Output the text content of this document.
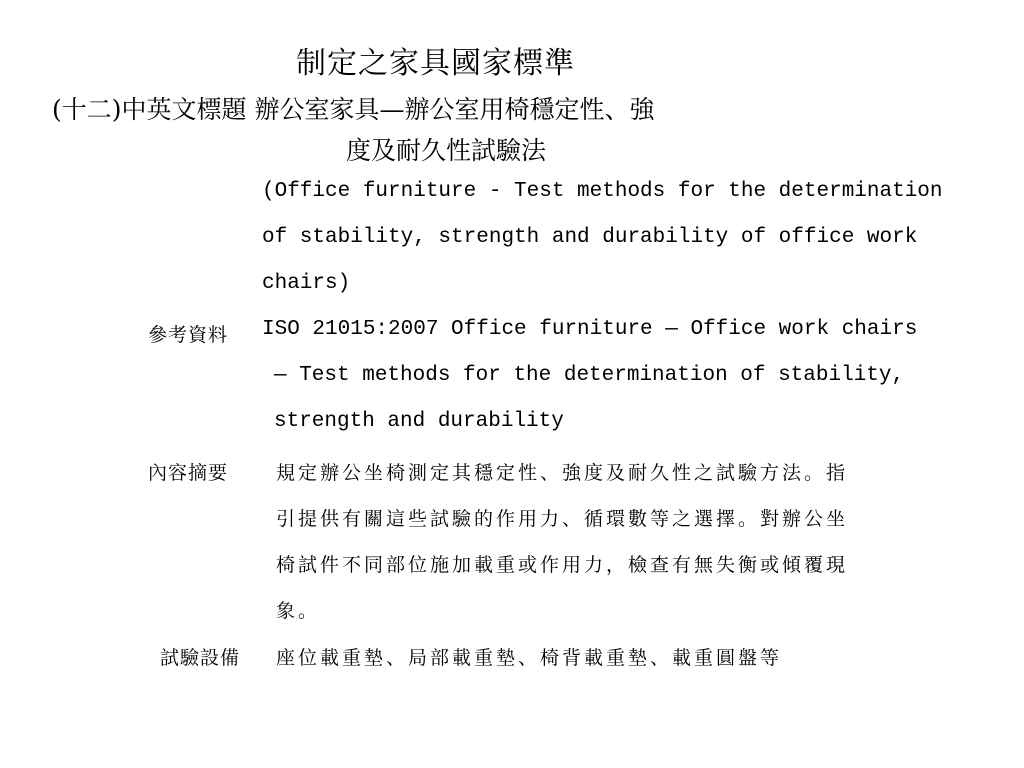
制定之家具國家標準
(十二)中英文標題 辦公室家具—辦公室用椅穩定性、強
度及耐久性試驗法
(Office furniture - Test methods for the determination
of stability, strength and durability of office work
chairs)
參考資料 ISO 21015:2007 Office furniture — Office work chairs
— Test methods for the determination of stability,
strength and durability
內容摘要	規定辦公坐椅測定其穩定性、強度及耐久性之試驗方法。指
引提供有關這些試驗的作用力、循環數等之選擇。對辦公坐
椅試件不同部位施加載重或作用力，檢查有無失衡或傾覆現
象。
試驗設備 座位載重墊、局部載重墊、椅背載重墊、載重圓盤等
